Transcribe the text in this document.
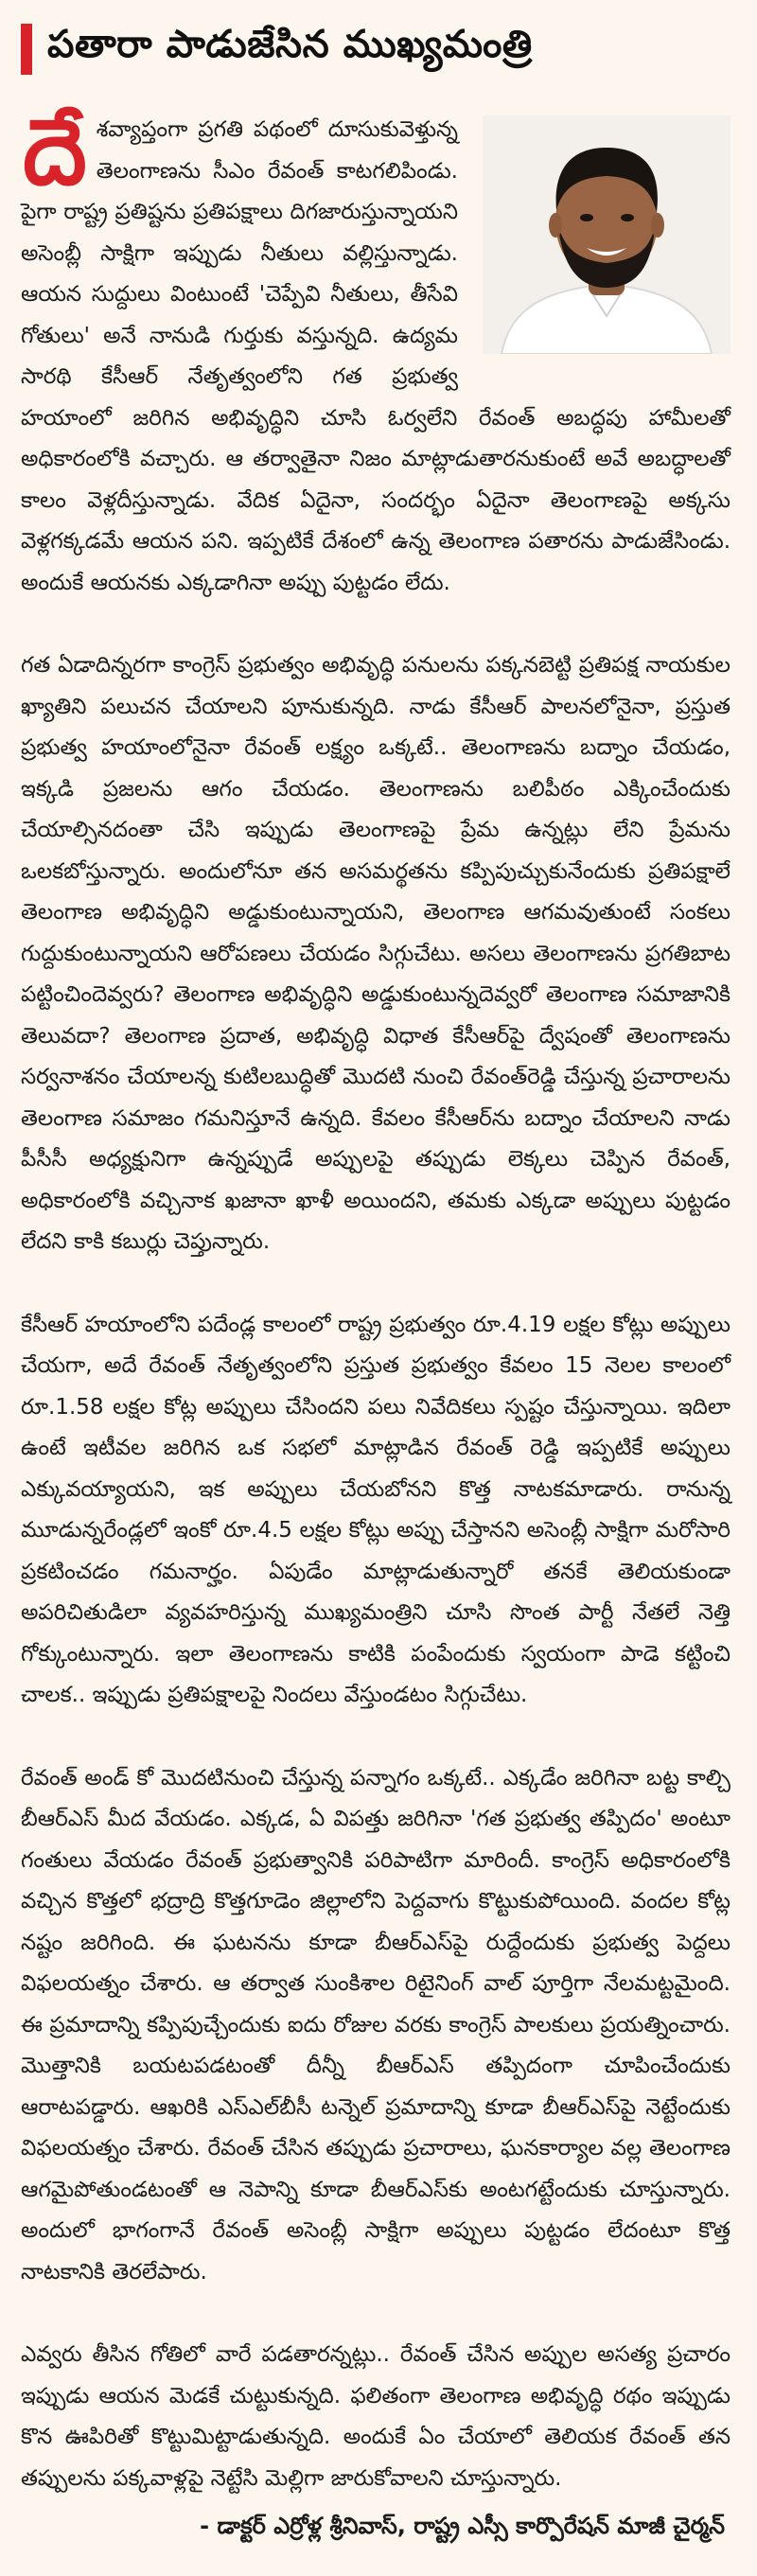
పతారా పాడుజేసిన ముఖ్యమంత్రి

దేశవ్యాప్తంగా ప్రగతి పథంలో దూసుకువెళ్తున్న తెలంగాణను సీఎం రేవంత్ కాటగలిపిండు. పైగా రాష్ట్ర ప్రతిష్టను ప్రతిపక్షాలు దిగజారుస్తున్నాయని అసెంబ్లీ సాక్షిగా ఇప్పుడు నీతులు వల్లిస్తున్నాడు. ఆయన సుద్దులు వింటుంటే 'చెప్పేవి నీతులు, తీసేవి గోతులు' అనే నానుడి గుర్తుకు వస్తున్నది. ఉద్యమ సారథి కేసీఆర్ నేతృత్వంలోని గత ప్రభుత్వ హయాంలో జరిగిన అభివృద్ధిని చూసి ఓర్వలేని రేవంత్ అబద్ధపు హామీలతో అధికారంలోకి వచ్చారు. ఆ తర్వాతైనా నిజం మాట్లాడుతారనుకుంటే అవే అబద్ధాలతో కాలం వెళ్లదీస్తున్నాడు. వేదిక ఏదైనా, సందర్భం ఏదైనా తెలంగాణపై అక్కసు వెళ్లగక్కడమే ఆయన పని. ఇప్పటికే దేశంలో ఉన్న తెలంగాణ పతారను పాడుజేసిండు. అందుకే ఆయనకు ఎక్కడాగినా అప్పు పుట్టడం లేదు.

గత ఏడాదిన్నరగా కాంగ్రెస్ ప్రభుత్వం అభివృద్ధి పనులను పక్కనబెట్టి ప్రతిపక్ష నాయకుల ఖ్యాతిని పలుచన చేయాలని పూనుకున్నది. నాడు కేసీఆర్ పాలనలోనైనా, ప్రస్తుత ప్రభుత్వ హయాంలోనైనా రేవంత్ లక్ష్యం ఒక్కటే.. తెలంగాణను బద్నాం చేయడం, ఇక్కడి ప్రజలను ఆగం చేయడం. తెలంగాణను బలిపీఠం ఎక్కించేందుకు చేయాల్సినదంతా చేసి ఇప్పుడు తెలంగాణపై ప్రేమ ఉన్నట్లు లేని ప్రేమను ఒలకబోస్తున్నారు. అందులోనూ తన అసమర్థతను కప్పిపుచ్చుకునేందుకు ప్రతిపక్షాలే తెలంగాణ అభివృద్ధిని అడ్డుకుంటున్నాయని, తెలంగాణ ఆగమవుతుంటే సంకలు గుద్దుకుంటున్నాయని ఆరోపణలు చేయడం సిగ్గుచేటు. అసలు తెలంగాణను ప్రగతిబాట పట్టించిందెవ్వరు? తెలంగాణ అభివృద్ధిని అడ్డుకుంటున్నదెవ్వరో తెలంగాణ సమాజానికి తెలువదా? తెలంగాణ ప్రదాత, అభివృద్ధి విధాత కేసీఆర్‌పై ద్వేషంతో తెలంగాణను సర్వనాశనం చేయాలన్న కుటిలబుద్ధితో మొదటి నుంచి రేవంత్‌రెడ్డి చేస్తున్న ప్రచారాలను తెలంగాణ సమాజం గమనిస్తూనే ఉన్నది. కేవలం కేసీఆర్‌ను బద్నాం చేయాలని నాడు పీసీసీ అధ్యక్షునిగా ఉన్నప్పుడే అప్పులపై తప్పుడు లెక్కలు చెప్పిన రేవంత్, అధికారంలోకి వచ్చినాక ఖజానా ఖాళీ అయిందని, తమకు ఎక్కడా అప్పులు పుట్టడం లేదని కాకి కబుర్లు చెప్తున్నారు.

కేసీఆర్ హయాంలోని పదేండ్ల కాలంలో రాష్ట్ర ప్రభుత్వం రూ.4.19 లక్షల కోట్లు అప్పులు చేయగా, అదే రేవంత్ నేతృత్వంలోని ప్రస్తుత ప్రభుత్వం కేవలం 15 నెలల కాలంలో రూ.1.58 లక్షల కోట్ల అప్పులు చేసిందని పలు నివేదికలు స్పష్టం చేస్తున్నాయి. ఇదిలా ఉంటే ఇటీవల జరిగిన ఒక సభలో మాట్లాడిన రేవంత్ రెడ్డి ఇప్పటికే అప్పులు ఎక్కువయ్యాయని, ఇక అప్పులు చేయబోనని కొత్త నాటకమాడారు. రానున్న మూడున్నరేండ్లలో ఇంకో రూ.4.5 లక్షల కోట్లు అప్పు చేస్తానని అసెంబ్లీ సాక్షిగా మరోసారి ప్రకటించడం గమనార్హం. ఏపుడేం మాట్లాడుతున్నారో తనకే తెలియకుండా అపరిచితుడిలా వ్యవహరిస్తున్న ముఖ్యమంత్రిని చూసి సొంత పార్టీ నేతలే నెత్తి గోక్కుంటున్నారు. ఇలా తెలంగాణను కాటికి పంపేందుకు స్వయంగా పాడె కట్టించి చాలక.. ఇప్పుడు ప్రతిపక్షాలపై నిందలు వేస్తుండటం సిగ్గుచేటు.

రేవంత్ అండ్ కో మొదటినుంచి చేస్తున్న పన్నాగం ఒక్కటే.. ఎక్కడేం జరిగినా బట్ట కాల్చి బీఆర్‌ఎస్ మీద వేయడం. ఎక్కడ, ఏ విపత్తు జరిగినా 'గత ప్రభుత్వ తప్పిదం' అంటూ గంతులు వేయడం రేవంత్ ప్రభుత్వానికి పరిపాటిగా మారిందీ. కాంగ్రెస్ అధికారంలోకి వచ్చిన కొత్తలో భద్రాద్రి కొత్తగూడెం జిల్లాలోని పెద్దవాగు కొట్టుకుపోయింది. వందల కోట్ల నష్టం జరిగింది. ఈ ఘటనను కూడా బీఆర్‌ఎస్‌పై రుద్దేందుకు ప్రభుత్వ పెద్దలు విఫలయత్నం చేశారు. ఆ తర్వాత సుంకిశాల రిటైనింగ్ వాల్ పూర్తిగా నేలమట్టమైంది. ఈ ప్రమాదాన్ని కప్పిపుచ్చేందుకు ఐదు రోజుల వరకు కాంగ్రెస్ పాలకులు ప్రయత్నించారు. మొత్తానికి బయటపడటంతో దీన్నీ బీఆర్‌ఎస్ తప్పిదంగా చూపించేందుకు ఆరాటపడ్డారు. ఆఖరికి ఎస్‌ఎల్‌బీసీ టన్నెల్ ప్రమాదాన్ని కూడా బీఆర్‌ఎస్‌పై నెట్టేందుకు విఫలయత్నం చేశారు. రేవంత్ చేసిన తప్పుడు ప్రచారాలు, ఘనకార్యాల వల్ల తెలంగాణ ఆగమైపోతుండటంతో ఆ నెపాన్ని కూడా బీఆర్‌ఎస్‌కు అంటగట్టేందుకు చూస్తున్నారు. అందులో భాగంగానే రేవంత్ అసెంబ్లీ సాక్షిగా అప్పులు పుట్టడం లేదంటూ కొత్త నాటకానికి తెరలేపారు.

ఎవ్వరు తీసిన గోతిలో వారే పడతారన్నట్లు.. రేవంత్ చేసిన అప్పుల అసత్య ప్రచారం ఇప్పుడు ఆయన మెడకే చుట్టుకున్నది. ఫలితంగా తెలంగాణ అభివృద్ధి రథం ఇప్పుడు కొన ఊపిరితో కొట్టుమిట్టాడుతున్నది. అందుకే ఏం చేయాలో తెలియక రేవంత్ తన తప్పులను పక్కవాళ్లపై నెట్టేసి మెల్లిగా జారుకోవాలని చూస్తున్నారు.

- డాక్టర్ ఎర్రోళ్ల శ్రీనివాస్, రాష్ట్ర ఎస్సీ కార్పొరేషన్ మాజీ చైర్మన్
